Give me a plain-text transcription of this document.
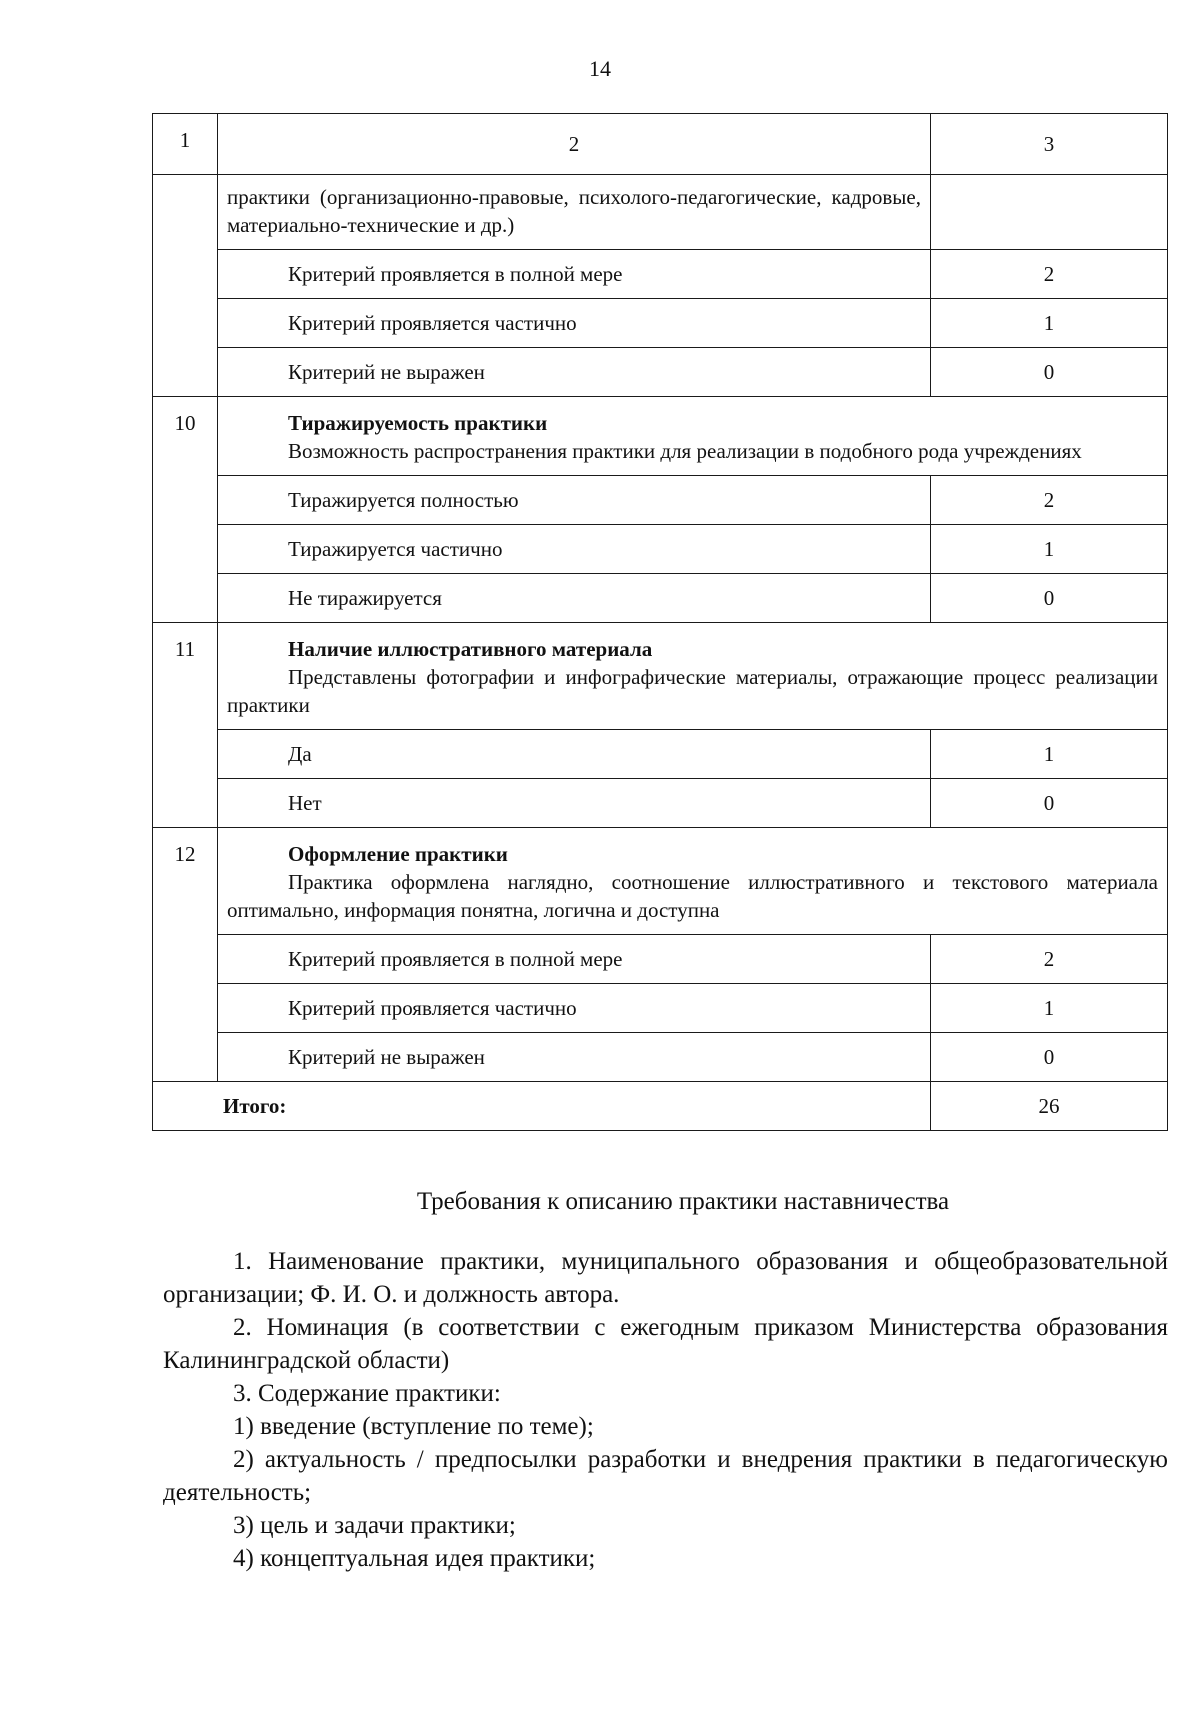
14
1	2	3
	практики (организационно-правовые, психолого-педагогические, кадровые, материально-технические и др.)	
	Критерий проявляется в полной мере	2
	Критерий проявляется частично	1
	Критерий не выражен	0
10	Тиражируемость практики
Возможность распространения практики для реализации в подобного рода учреждениях	

	Тиражируется полностью	2
	Тиражируется частично	1
	Не тиражируется	0
11	Наличие иллюстративного материала
Представлены фотографии и инфографические материалы, отражающие процесс реализации практики	

	Да	1
	Нет	0
12	Оформление практики
Практика оформлена наглядно, соотношение иллюстративного и текстового материала оптимально, информация понятна, логична и доступна	

	Критерий проявляется в полной мере	2
	Критерий проявляется частично	1
	Критерий не выражен	0
Итого:		26
Требования к описанию практики наставничества

1. Наименование практики, муниципального образования и общеобразовательной организации; Ф. И. О. и должность автора.

2. Номинация (в соответствии с ежегодным приказом Министерства образования Калининградской области)

3. Содержание практики:

1) введение (вступление по теме);

2) актуальность / предпосылки разработки и внедрения практики в педагогическую деятельность;

3) цель и задачи практики;

4) концептуальная идея практики;
